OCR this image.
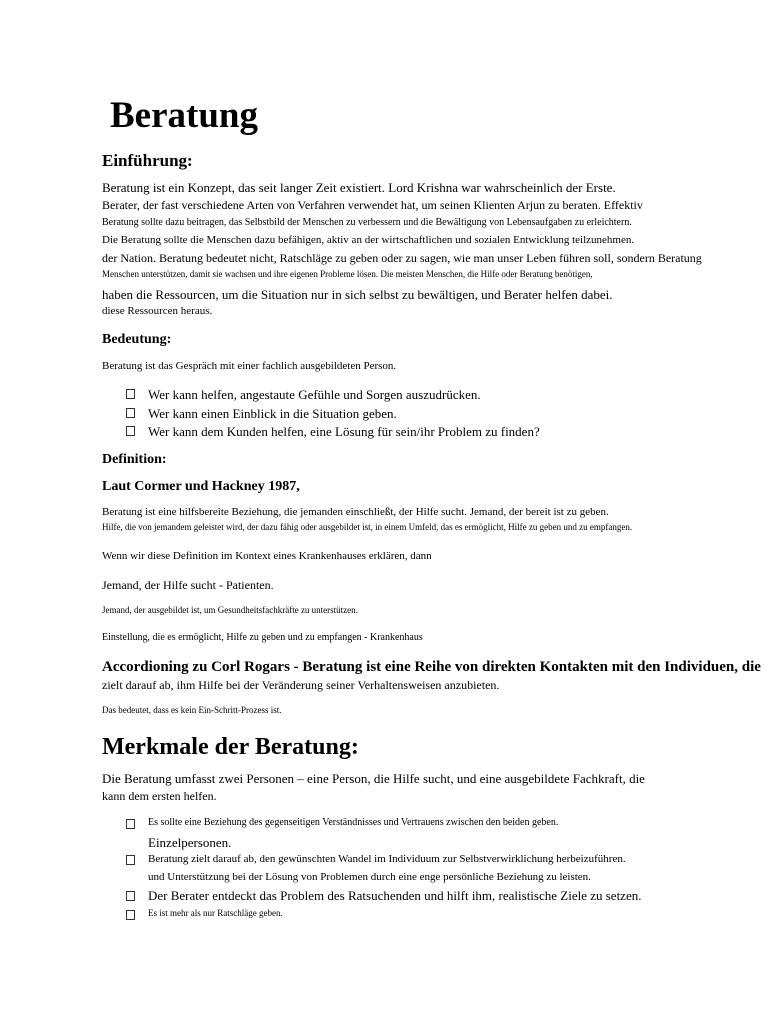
Beratung
Einführung:
Beratung ist ein Konzept, das seit langer Zeit existiert. Lord Krishna war wahrscheinlich der Erste.
Berater, der fast verschiedene Arten von Verfahren verwendet hat, um seinen Klienten Arjun zu beraten. Effektiv
Beratung sollte dazu beitragen, das Selbstbild der Menschen zu verbessern und die Bewältigung von Lebensaufgaben zu erleichtern.
Die Beratung sollte die Menschen dazu befähigen, aktiv an der wirtschaftlichen und sozialen Entwicklung teilzunehmen.
der Nation. Beratung bedeutet nicht, Ratschläge zu geben oder zu sagen, wie man unser Leben führen soll, sondern Beratung
Menschen unterstützen, damit sie wachsen und ihre eigenen Probleme lösen. Die meisten Menschen, die Hilfe oder Beratung benötigen,
haben die Ressourcen, um die Situation nur in sich selbst zu bewältigen, und Berater helfen dabei.
diese Ressourcen heraus.
Bedeutung:
Beratung ist das Gespräch mit einer fachlich ausgebildeten Person.
Wer kann helfen, angestaute Gefühle und Sorgen auszudrücken.
Wer kann einen Einblick in die Situation geben.
Wer kann dem Kunden helfen, eine Lösung für sein/ihr Problem zu finden?
Definition:
Laut Cormer und Hackney 1987,
Beratung ist eine hilfsbereite Beziehung, die jemanden einschließt, der Hilfe sucht. Jemand, der bereit ist zu geben.
Hilfe, die von jemandem geleistet wird, der dazu fähig oder ausgebildet ist, in einem Umfeld, das es ermöglicht, Hilfe zu geben und zu empfangen.
Wenn wir diese Definition im Kontext eines Krankenhauses erklären, dann
Jemand, der Hilfe sucht - Patienten.
Jemand, der ausgebildet ist, um Gesundheitsfachkräfte zu unterstützen.
Einstellung, die es ermöglicht, Hilfe zu geben und zu empfangen - Krankenhaus
Accordioning zu Corl Rogars - Beratung ist eine Reihe von direkten Kontakten mit den Individuen, die
zielt darauf ab, ihm Hilfe bei der Veränderung seiner Verhaltensweisen anzubieten.
Das bedeutet, dass es kein Ein-Schritt-Prozess ist.
Merkmale der Beratung:
Die Beratung umfasst zwei Personen – eine Person, die Hilfe sucht, und eine ausgebildete Fachkraft, die
kann dem ersten helfen.
Es sollte eine Beziehung des gegenseitigen Verständnisses und Vertrauens zwischen den beiden geben.
Einzelpersonen.
Beratung zielt darauf ab, den gewünschten Wandel im Individuum zur Selbstverwirklichung herbeizuführen.
und Unterstützung bei der Lösung von Problemen durch eine enge persönliche Beziehung zu leisten.
Der Berater entdeckt das Problem des Ratsuchenden und hilft ihm, realistische Ziele zu setzen.
Es ist mehr als nur Ratschläge geben.
